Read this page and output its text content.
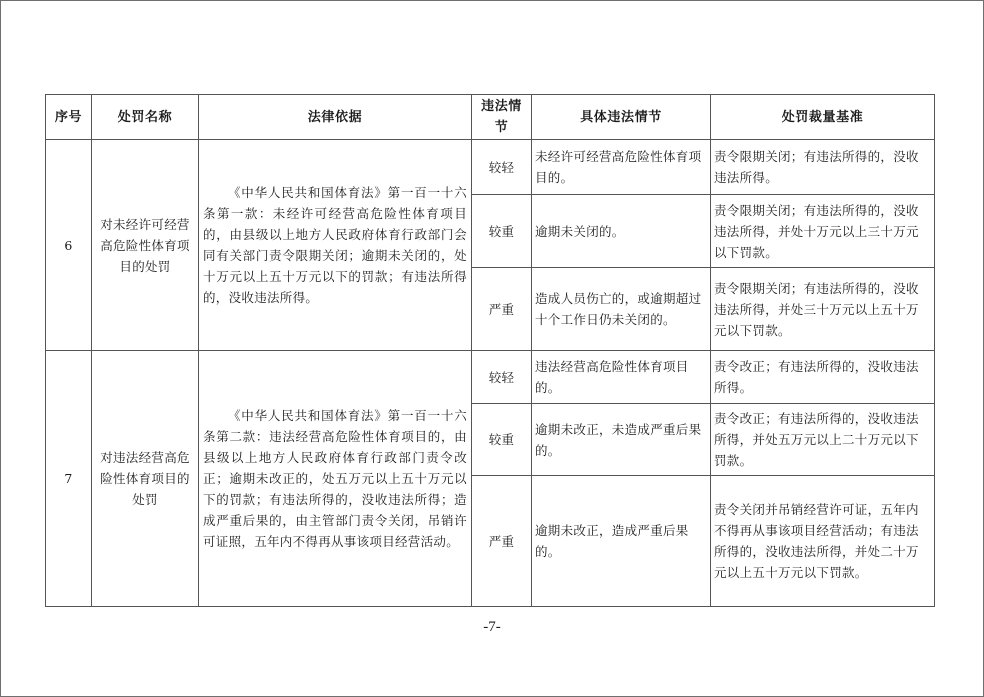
序号	处罚名称	法律依据	违法情节	具体违法情节	处罚裁量基准
6	对未经许可经营高危险性体育项目的处罚	《中华人民共和国体育法》第一百一十六条第一款：未经许可经营高危险性体育项目的，由县级以上地方人民政府体育行政部门会同有关部门责令限期关闭；逾期未关闭的，处十万元以上五十万元以下的罚款；有违法所得的，没收违法所得。	较轻	未经许可经营高危险性体育项目的。	责令限期关闭；有违法所得的，没收违法所得。
			较重	逾期未关闭的。	责令限期关闭；有违法所得的，没收违法所得，并处十万元以上三十万元以下罚款。
			严重	造成人员伤亡的，或逾期超过十个工作日仍未关闭的。	责令限期关闭；有违法所得的，没收违法所得，并处三十万元以上五十万元以下罚款。
7	对违法经营高危险性体育项目的处罚	《中华人民共和国体育法》第一百一十六条第二款：违法经营高危险性体育项目的，由县级以上地方人民政府体育行政部门责令改正；逾期未改正的，处五万元以上五十万元以下的罚款；有违法所得的，没收违法所得；造成严重后果的，由主管部门责令关闭，吊销许可证照，五年内不得再从事该项目经营活动。	较轻	违法经营高危险性体育项目的。	责令改正；有违法所得的，没收违法所得。
			较重	逾期未改正，未造成严重后果的。	责令改正；有违法所得的，没收违法所得，并处五万元以上二十万元以下罚款。
			严重	逾期未改正，造成严重后果的。	责令关闭并吊销经营许可证，五年内不得再从事该项目经营活动；有违法所得的，没收违法所得，并处二十万元以上五十万元以下罚款。
-7-
